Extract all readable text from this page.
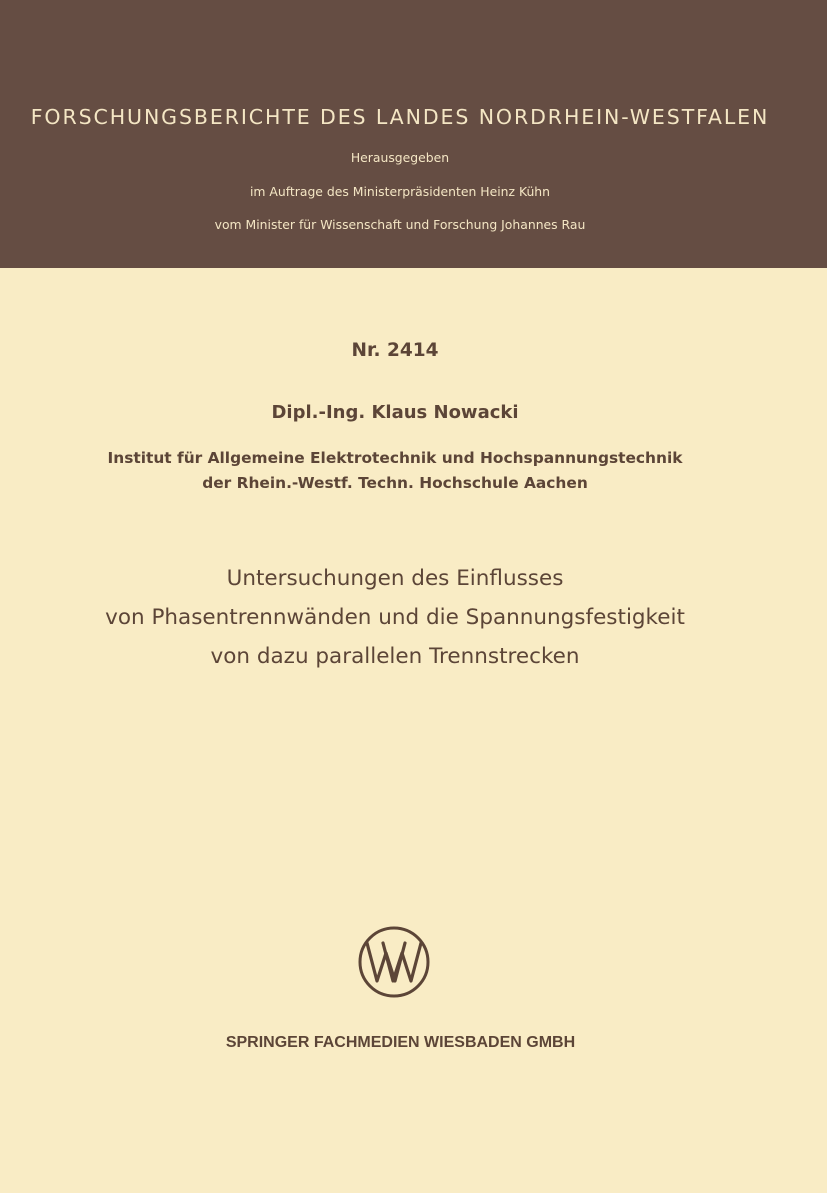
FORSCHUNGSBERICHTE DES LANDES NORDRHEIN-WESTFALEN
Herausgegeben
im Auftrage des Ministerpräsidenten Heinz Kühn
vom Minister für Wissenschaft und Forschung Johannes Rau
Nr. 2414
Dipl.-Ing. Klaus Nowacki
Institut für Allgemeine Elektrotechnik und Hochspannungstechnik
der Rhein.-Westf. Techn. Hochschule Aachen
Untersuchungen des Einflusses
von Phasentrennwänden und die Spannungsfestigkeit
von dazu parallelen Trennstrecken
SPRINGER FACHMEDIEN WIESBADEN GMBH
